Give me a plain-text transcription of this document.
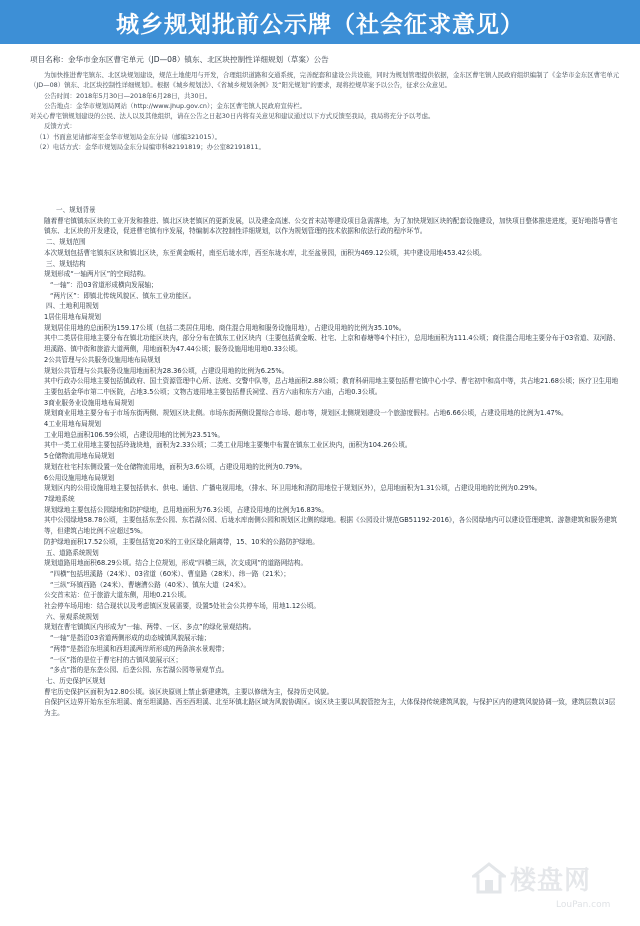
城乡规划批前公示牌（社会征求意见）
项目名称：金华市金东区曹宅单元（JD—08）镇东、北区块控制性详细规划（草案）公告

为加快推进曹宅镇东、北区块规划建设，规范土地使用与开发，合理组织道路和交通系统，完善配套和建设公共设施，同时为规划管理提供依据，金东区曹宅镇人民政府组织编制了《金华市金东区曹宅单元（JD—08）镇东、北区块控制性详细规划》。根据《城乡规划法》、《省城乡规划条例》及“阳光规划”的要求，现将控规草案予以公告，征求公众意见。

公告时间：2018年5月30日—2018年6月28日，共30日。

公告地点：金华市规划局网站（http://www.jhup.gov.cn）；金东区曹宅镇人民政府宣传栏。

对关心曹宅镇规划建设的公民、法人以及其他组织，请在公告之日起30日内将有关意见和建议通过以下方式反馈至我局，我局将充分予以考虑。

反馈方式：

（1）书面意见请邮寄至金华市规划局金东分局（邮编321015）。

（2）电话方式：金华市规划局金东分局编审科82191819；办公室82191811。

一、规划背景

随着曹宅镇镇东区块的工业开发和推进、镇北区块老镇区的更新发展，以及建金高速、公交首末站等建设项目急需落地，为了加快规划区块的配套设施建设，加快项目整体推进进度，更好地指导曹宅镇东、北区块的开发建设，促进曹宅镇有序发展，特编制本次控制性详细规划，以作为规划管理的技术依据和依法行政的程序环节。

二、规划范围

本次规划包括曹宅镇东区块和镇北区块，东至黄金畈村，南至后垅水库，西至东垅水库，北至盆景园，面积为469.12公顷，其中建设用地453.42公顷。

三、规划结构

规划形成“一轴两片区”的空间结构。

“一轴”：沿03省道形成横向发展轴；

“两片区”：即镇北传统风貌区、镇东工业功能区。

四、土地利用规划

1居住用地布局规划

规划居住用地的总面积为159.17公顷（包括二类居住用地、商住混合用地和服务设施用地），占建设用地的比例为35.10%。

其中二类居住用地主要分布在镇北功能区块内，部分分布在镇东工业区块内（主要包括黄金畈、杜宅、上京和春塘等4个村庄），总用地面积为111.4公顷；商住混合用地主要分布于03省道、双河路、坦溪路、镇中街和旅游大道两侧，用地面积为47.44公顷；服务设施用地用地0.33公顷。

2公共管理与公共服务设施用地布局规划

规划公共管理与公共服务设施用地面积为28.36公顷，占建设用地的比例为6.25%。

其中行政办公用地主要包括镇政府、国土资源管理中心所、法庭、交警中队等，总占地面积2.88公顷；教育科研用地主要包括曹宅镇中心小学、曹宅初中和高中等，共占地21.68公顷；医疗卫生用地主要包括金华市第二中医院，占地3.5公顷；文物古迹用地主要包括曹氏祠堂、西方六庙和东方六庙，占地0.3公顷。

3商业服务业设施用地布局规划

规划商业用地主要分布于市场东街两侧、规划区块北侧。市场东街两侧设置综合市场、超市等，规划区北侧规划建设一个旅游度假村。占地6.66公顷，占建设用地的比例为1.47%。

4工业用地布局规划

工业用地总面积106.59公顷，占建设用地的比例为23.51%。

其中一类工业用地主要包括玲珑块地，面积为2.33公顷；二类工业用地主要集中布置在镇东工业区块内，面积为104.26公顷。

5仓储物流用地布局规划

规划在杜宅村东侧设置一处仓储物流用地，面积为3.6公顷，占建设用地的比例为0.79%。

6公用设施用地布局规划

规划区内的公用设施用地主要包括供水、供电、通信、广播电视用地，（排水、环卫用地和消防用地位于规划区外），总用地面积为1.31公顷，占建设用地的比例为0.29%。

7绿地系统

规划绿地主要包括公园绿地和防护绿地，总用地面积为76.3公顷，占建设用地的比例为16.83%。

其中公园绿地58.78公顷，主要包括东垄公园、东若湖公园、后垅水库南侧公园和规划区北侧的绿地。根据《公园设计规范GB51192-2016》，各公园绿地内可以建设管理建筑、游憩建筑和服务建筑等，但建筑占地比例不应超过5%。

防护绿地面积17.52公顷，主要包括宽20米的工业区绿化隔离带，15、10米的公路防护绿地。

五、道路系统规划

规划道路用地面积68.29公顷。结合上位规划，形成“四横三纵，次支成网”的道路网结构。

“四横”包括坦溪路（24米）、03省道（60米）、曹皇路（28米）、纬一路（21米）；

“三纵”环镇西路（24米）、曹塘漕公路（40米）、镇东大道（24米）。

公交首末站：位于旅游大道东侧，用地0.21公顷。

社会停车场用地：结合现状以及考虑镇区发展需要，设置5处社会公共停车场，用地1.12公顷。

六、景观系统规划

规划在曹宅镇镇区内形成为“一轴、两带、一区、多点”的绿化景观结构。

“一轴”是指沿03省道两侧形成的动态城镇风貌展示轴；

“两带”是指沿东坦溪和西坦溪两岸所形成的两条滨水景观带；

“一区”指的是位于曹宅村的古镇风貌展示区；

“多点”指的是东垄公园、后垄公园、东若湖公园等景观节点。

七、历史保护区规划

曹宅历史保护区面积为12.80公顷。该区块原则上禁止新建建筑，主要以修缮为主，保持历史风貌。

自保护区边界开始东至东坦溪、南至坦溪路、西至西坦溪、北至环镇北路区域为风貌协调区。该区块主要以风貌管控为主，大体保持传统建筑风貌，与保护区内的建筑风貌协调一致，建筑层数以3层为主。

楼盘网
LouPan.com
